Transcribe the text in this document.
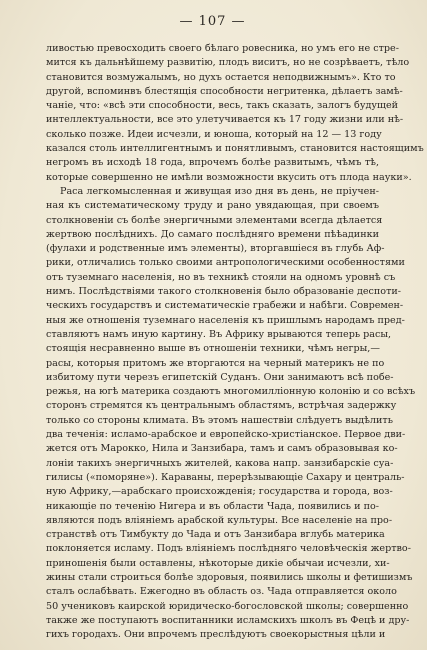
— 107 —
ливостью превосходить своего бѣлаго ровесника, но умъ его не стре-
мится къ дальнѣйшему развитiю, плодъ виситъ, но не созрѣваетъ, тѣло
становится возмужалымъ, но духъ остается неподвижнымъ». Кто то
другой, вспоминвъ блестящiя способности негритенка, дѣлаетъ замѣ-
чанiе, что: «всѣ эти способности, весь, такъ сказать, залогъ будущей
интеллектуальности, все это улетучивается къ 17 году жизни или нѣ-
сколько позже. Идеи исчезли, и юноша, который на 12 — 13 году
казался столь интеллигентнымъ и понятливымъ, становится настоящимъ
негромъ въ исходѣ 18 года, впрочемъ болѣе развитымъ, чѣмъ тѣ,
которые совершенно не имѣли возможности вкусить отъ плода науки».
Раса легкомысленная и живущая изо дня въ день, не прiучен-
ная къ систематическому труду и рано увядающая, при своемъ
столкновенiи съ болѣе энергичными элементами всегда дѣлается
жертвою послѣднихъ. До самаго послѣдняго времени пѣѣадинки
(фулахи и родственные имъ элементы), вторгавшiеся въ глубь Аф-
рики, отличались только своими антропологическими особенностями
отъ туземнаго населенiя, но въ техникѣ стояли на одномъ уровнѣ съ
нимъ. Послѣдствiями такого столкновенiя было образованiе деспоти-
ческихъ государствъ и систематическiе грабежи и набѣги. Современ-
ныя же отношенiя туземнаго населенiя къ пришлымъ народамъ пред-
ставляютъ намъ иную картину. Въ Африку врываются теперь расы,
стоящiя несравненно выше въ отношенiи техники, чѣмъ негры,—
расы, которыя притомъ же вторгаются на черный материкъ не по
избитому пути черезъ египетскiй Суданъ. Они занимаютъ всѣ побе-
режья, на югѣ материка создаютъ многомиллiонную колонiю и со всѣхъ
сторонъ стремятся къ центральнымъ областямъ, встрѣчая задержку
только со стороны климата. Въ этомъ нашествiи слѣдуетъ выдѣлить
два теченiя: исламо-арабское и европейско-христiанское. Первое дви-
жется отъ Марокко, Нила и Занзибара, тамъ и самъ образовывая ко-
лонiи такихъ энергичныхъ жителей, какова напр. занзибарскiе суа-
гилисы («поморяне»). Караваны, перерѣзывающiе Сахару и централь-
ную Африку,—арабскаго происхожденiя; государства и города, воз-
никающiе по теченiю Нигера и въ области Чада, появились и по-
являются подъ влiянiемъ арабской культуры. Все населенiе на про-
странствѣ отъ Тимбукту до Чада и отъ Занзибара вглубь материка
поклоняется исламу. Подъ влiянiемъ послѣдняго человѣческiя жертво-
приношенiя были оставлены, нѣкоторые дикiе обычаи исчезли, хи-
жины стали строиться болѣе здоровыя, появились школы и фетишизмъ
сталъ ослабѣвать. Ежегодно въ область оз. Чада отправляется около
50 учениковъ каирской юридическо-богословской школы; совершенно
также же поступаютъ воспитанники исламскихъ школъ въ Фецѣ и дру-
гихъ городахъ. Они впрочемъ преслѣдуютъ своекорыстныя цѣли и
